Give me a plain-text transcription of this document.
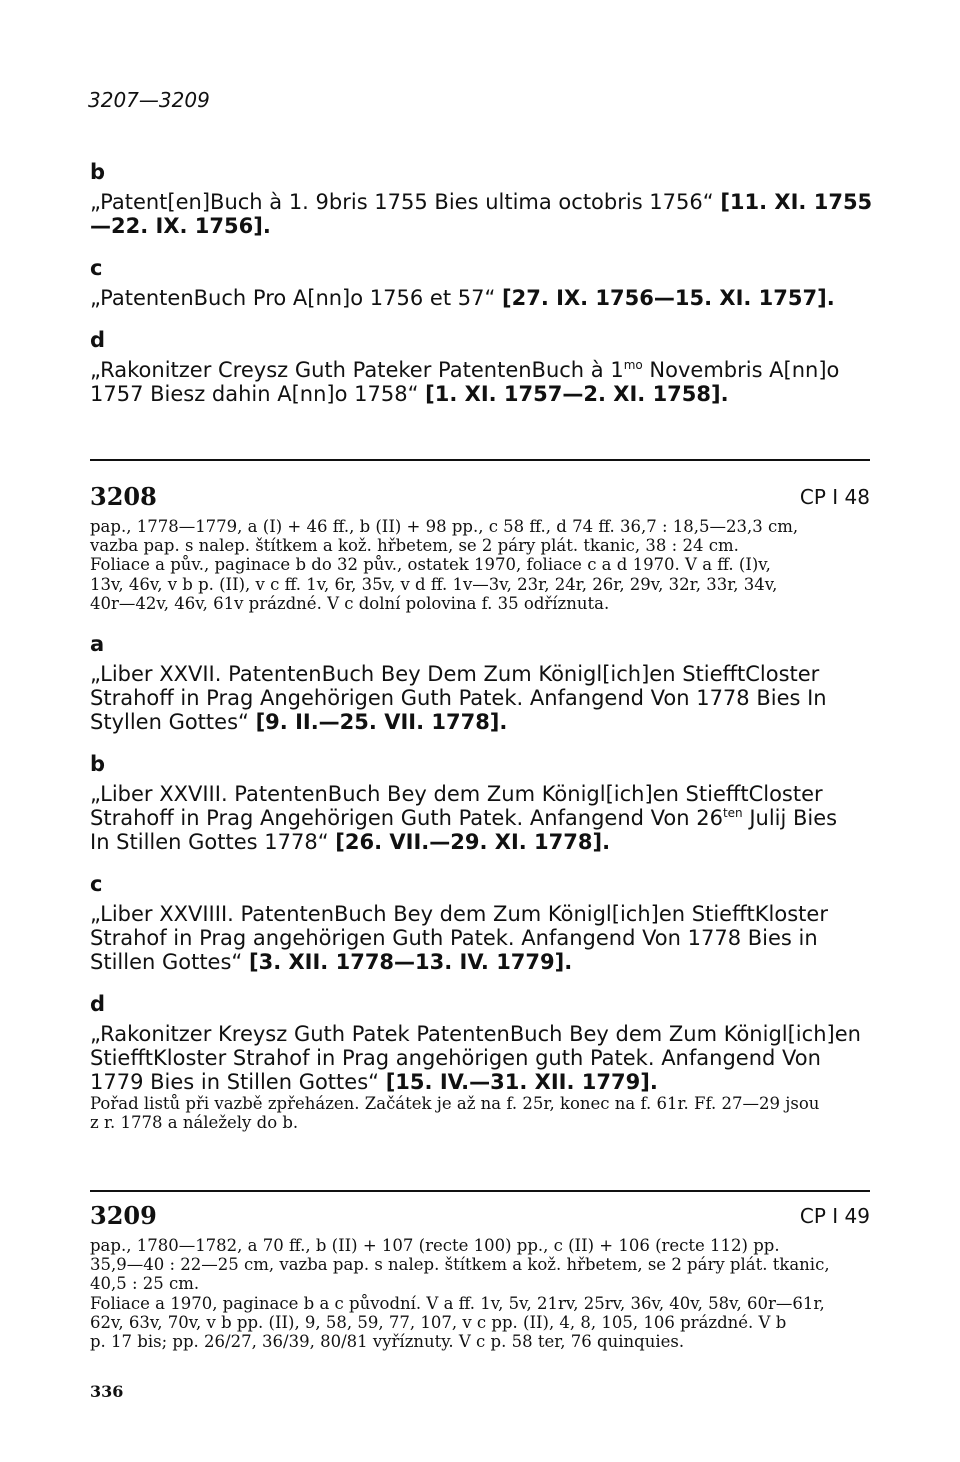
3207—3209
b
„Patent[en]Buch à 1. 9bris 1755 Bies ultima octobris 1756“ [11. XI. 1755
—22. IX. 1756].
c
„PatentenBuch Pro A[nn]o 1756 et 57“ [27. IX. 1756—15. XI. 1757].
d
„Rakonitzer Creysz Guth Pateker PatentenBuch à $1^{mo}$ Novembris A[nn]o
1757 Biesz dahin A[nn]o 1758“ [1. XI. 1757—2. XI. 1758].
3208	CP I 48
pap., 1778—1779, a (I) + 46 ff., b (II) + 98 pp., c 58 ff., d 74 ff. 36,7 : 18,5—23,3 cm,
vazba pap. s nalep. štítkem a kož. hřbetem, se 2 páry plát. tkanic, 38 : 24 cm.
Foliace a pův., paginace b do 32 pův., ostatek 1970, foliace c a d 1970. V a ff. (I)v,
13v, 46v, v b p. (II), v c ff. 1v, 6r, 35v, v d ff. 1v—3v, 23r, 24r, 26r, 29v, 32r, 33r, 34v,
40r—42v, 46v, 61v prázdné. V c dolní polovina f. 35 odříznuta.
a
„Liber XXVII. PatentenBuch Bey Dem Zum Königl[ich]en StiefftCloster
Strahoff in Prag Angehörigen Guth Patek. Anfangend Von 1778 Bies In
Styllen Gottes“ [9. II.—25. VII. 1778].
b
„Liber XXVIII. PatentenBuch Bey dem Zum Königl[ich]en StiefftCloster
Strahoff in Prag Angehörigen Guth Patek. Anfangend Von $26^{ten}$ Julij Bies
In Stillen Gottes 1778“ [26. VII.—29. XI. 1778].
c
„Liber XXVIIII. PatentenBuch Bey dem Zum Königl[ich]en StiefftKloster
Strahof in Prag angehörigen Guth Patek. Anfangend Von 1778 Bies in
Stillen Gottes“ [3. XII. 1778—13. IV. 1779].
d
„Rakonitzer Kreysz Guth Patek PatentenBuch Bey dem Zum Königl[ich]en
StiefftKloster Strahof in Prag angehörigen guth Patek. Anfangend Von
1779 Bies in Stillen Gottes“ [15. IV.—31. XII. 1779].
Pořad listů při vazbě zpřeházen. Začátek je až na f. 25r, konec na f. 61r. Ff. 27—29 jsou
z r. 1778 a náležely do b.
3209	CP I 49
pap., 1780—1782, a 70 ff., b (II) + 107 (recte 100) pp., c (II) + 106 (recte 112) pp.
35,9—40 : 22—25 cm, vazba pap. s nalep. štítkem a kož. hřbetem, se 2 páry plát. tkanic,
40,5 : 25 cm.
Foliace a 1970, paginace b a c původní. V a ff. 1v, 5v, 21rv, 25rv, 36v, 40v, 58v, 60r—61r,
62v, 63v, 70v, v b pp. (II), 9, 58, 59, 77, 107, v c pp. (II), 4, 8, 105, 106 prázdné. V b
p. 17 bis; pp. 26/27, 36/39, 80/81 vyříznuty. V c p. 58 ter, 76 quinquies.
336
